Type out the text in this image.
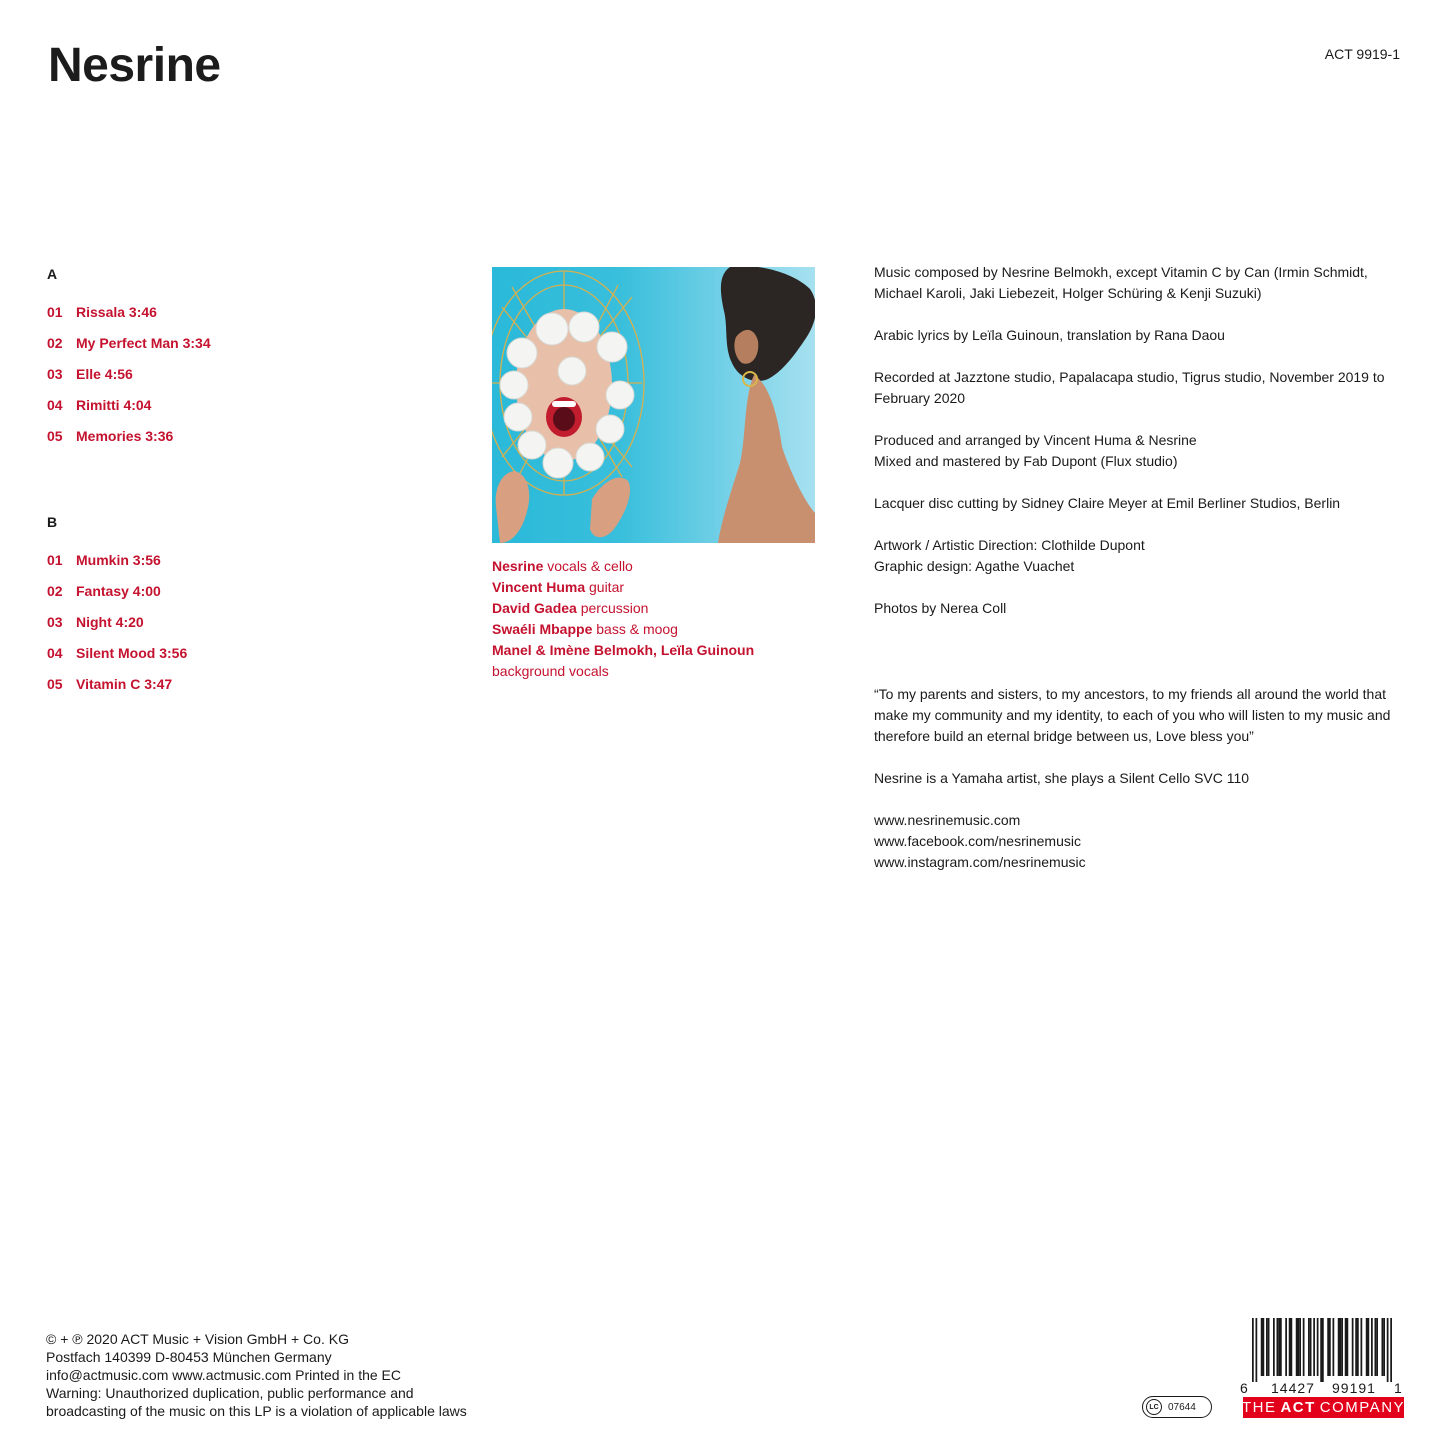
Nesrine	ACT 9919-1
A
01 Rissala 3:46
02 My Perfect Man 3:34
03 Elle 4:56
04 Rimitti 4:04
05 Memories 3:36
B
01 Mumkin 3:56
02 Fantasy 4:00
03 Night 4:20
04 Silent Mood 3:56
05 Vitamin C 3:47
Nesrine vocals & cello
Vincent Huma guitar
David Gadea percussion
Swaéli Mbappe bass & moog
Manel & Imène Belmokh, Leïla Guinoun
background vocals

Music composed by Nesrine Belmokh, except Vitamin C by Can (Irmin Schmidt, Michael Karoli, Jaki Liebezeit, Holger Schüring & Kenji Suzuki)

Arabic lyrics by Leïla Guinoun, translation by Rana Daou

Recorded at Jazztone studio, Papalacapa studio, Tigrus studio, November 2019 to February 2020

Produced and arranged by Vincent Huma & Nesrine
Mixed and mastered by Fab Dupont (Flux studio)

Lacquer disc cutting by Sidney Claire Meyer at Emil Berliner Studios, Berlin

Artwork / Artistic Direction: Clothilde Dupont
Graphic design: Agathe Vuachet

Photos by Nerea Coll

“To my parents and sisters, to my ancestors, to my friends all around the world that make my community and my identity, to each of you who will listen to my music and therefore build an eternal bridge between us, Love bless you”

Nesrine is a Yamaha artist, she plays a Silent Cello SVC 110

www.nesrinemusic.com
www.facebook.com/nesrinemusic
www.instagram.com/nesrinemusic
© + ℗ 2020 ACT Music + Vision GmbH + Co. KG
Postfach 140399 D-80453 München Germany
info@actmusic.com www.actmusic.com Printed in the EC
Warning: Unauthorized duplication, public performance and
broadcasting of the music on this LP is a violation of applicable laws	LC 07644
6 14427 99191 1
THE ACT COMPANY
